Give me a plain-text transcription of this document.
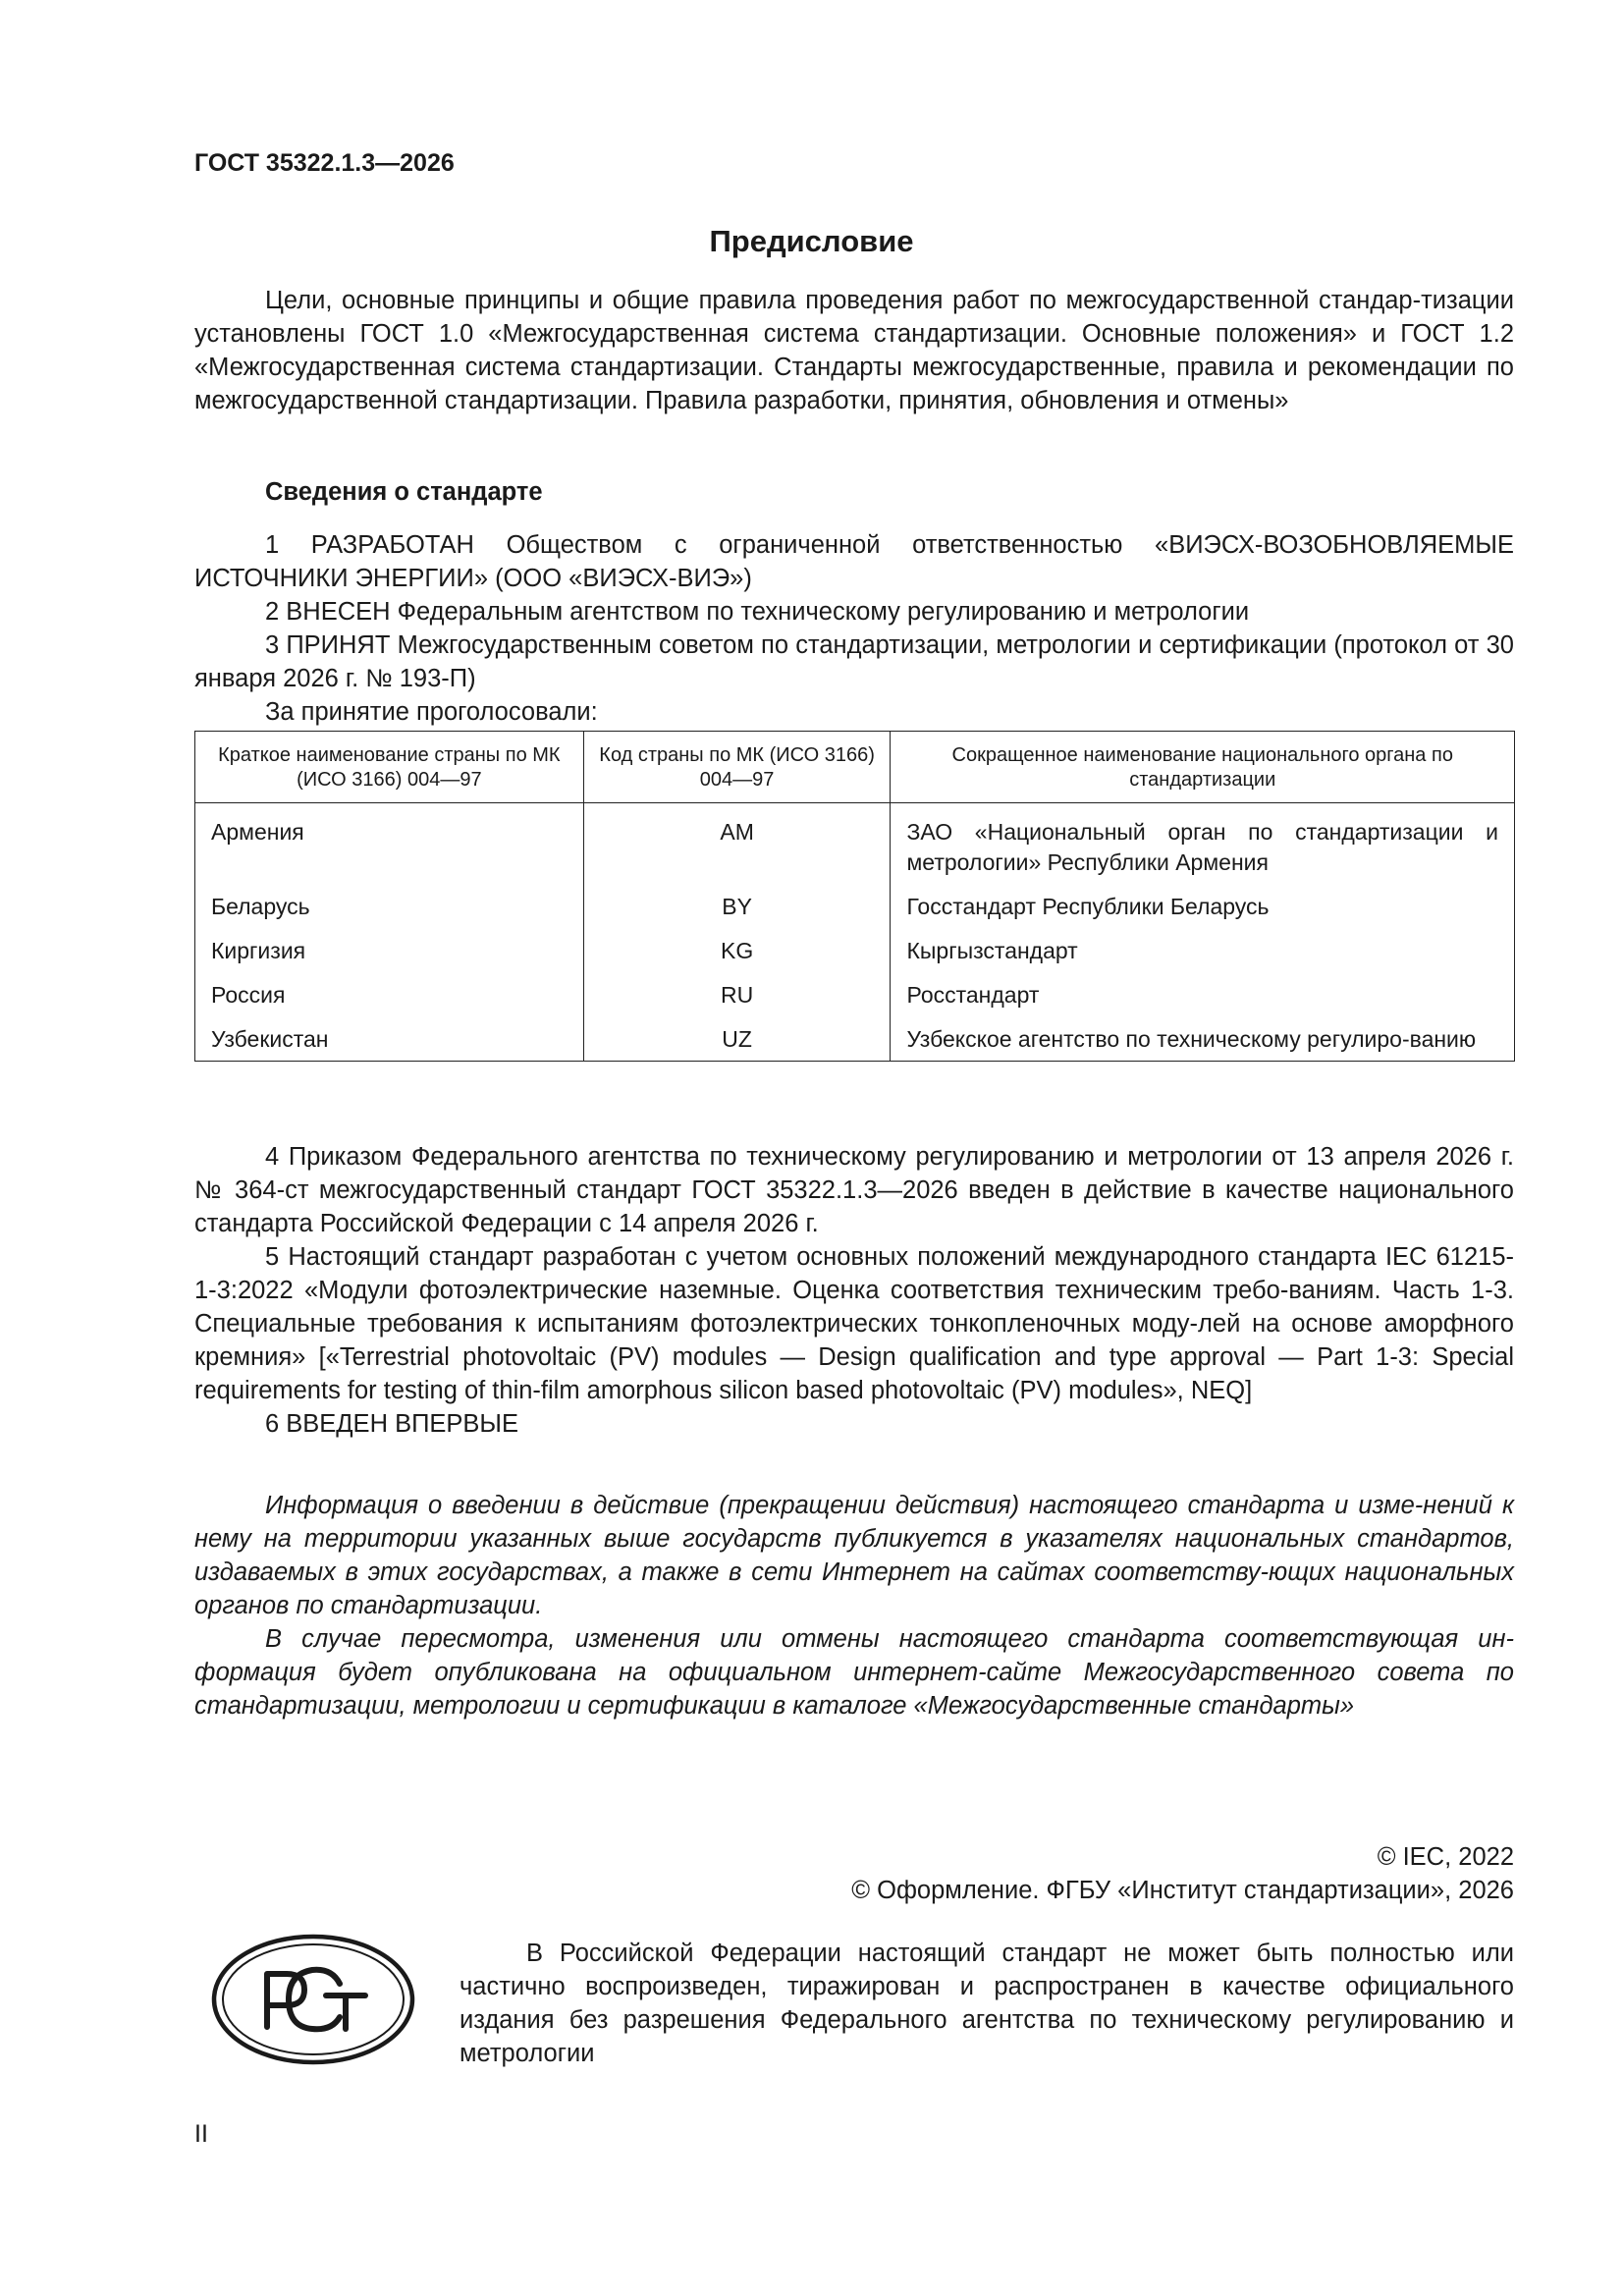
ГОСТ 35322.1.3—2026
Предисловие

Цели, основные принципы и общие правила проведения работ по межгосударственной стандар-тизации установлены ГОСТ 1.0 «Межгосударственная система стандартизации. Основные положения» и ГОСТ 1.2 «Межгосударственная система стандартизации. Стандарты межгосударственные, правила и рекомендации по межгосударственной стандартизации. Правила разработки, принятия, обновления и отмены»

Сведения о стандарте

1 РАЗРАБОТАН Обществом с ограниченной ответственностью «ВИЭСХ-ВОЗОБНОВЛЯЕМЫЕ ИСТОЧНИКИ ЭНЕРГИИ» (ООО «ВИЭСХ-ВИЭ»)

2 ВНЕСЕН Федеральным агентством по техническому регулированию и метрологии

3 ПРИНЯТ Межгосударственным советом по стандартизации, метрологии и сертификации (протокол от 30 января 2026 г. № 193-П)

За принятие проголосовали:

Краткое наименование страны по МК (ИСО 3166) 004—97	Код страны по МК (ИСО 3166) 004—97	Сокращенное наименование национального органа по стандартизации
Армения	AM	ЗАО «Национальный орган по стандартизации и метрологии» Республики Армения
Беларусь	BY	Госстандарт Республики Беларусь
Киргизия	KG	Кыргызстандарт
Россия	RU	Росстандарт
Узбекистан	UZ	Узбекское агентство по техническому регулиро-ванию

4 Приказом Федерального агентства по техническому регулированию и метрологии от 13 апреля 2026 г. № 364-ст межгосударственный стандарт ГОСТ 35322.1.3—2026 введен в действие в качестве национального стандарта Российской Федерации с 14 апреля 2026 г.

5 Настоящий стандарт разработан с учетом основных положений международного стандарта IEC 61215-1-3:2022 «Модули фотоэлектрические наземные. Оценка соответствия техническим требо-ваниям. Часть 1-3. Специальные требования к испытаниям фотоэлектрических тонкопленочных моду-лей на основе аморфного кремния» [«Terrestrial photovoltaic (PV) modules — Design qualification and type approval — Part 1-3: Special requirements for testing of thin-film amorphous silicon based photovoltaic (PV) modules», NEQ]

6 ВВЕДЕН ВПЕРВЫЕ

Информация о введении в действие (прекращении действия) настоящего стандарта и изме-нений к нему на территории указанных выше государств публикуется в указателях национальных стандартов, издаваемых в этих государствах, а также в сети Интернет на сайтах соответству-ющих национальных органов по стандартизации.

В случае пересмотра, изменения или отмены настоящего стандарта соответствующая ин-формация будет опубликована на официальном интернет-сайте Межгосударственного совета по стандартизации, метрологии и сертификации в каталоге «Межгосударственные стандарты»

© IEC, 2022
© Оформление. ФГБУ «Институт стандартизации», 2026

В Российской Федерации настоящий стандарт не может быть полностью или частично воспроизведен, тиражирован и распространен в качестве официального издания без разрешения Федерального агентства по техническому регулированию и метрологии

II
